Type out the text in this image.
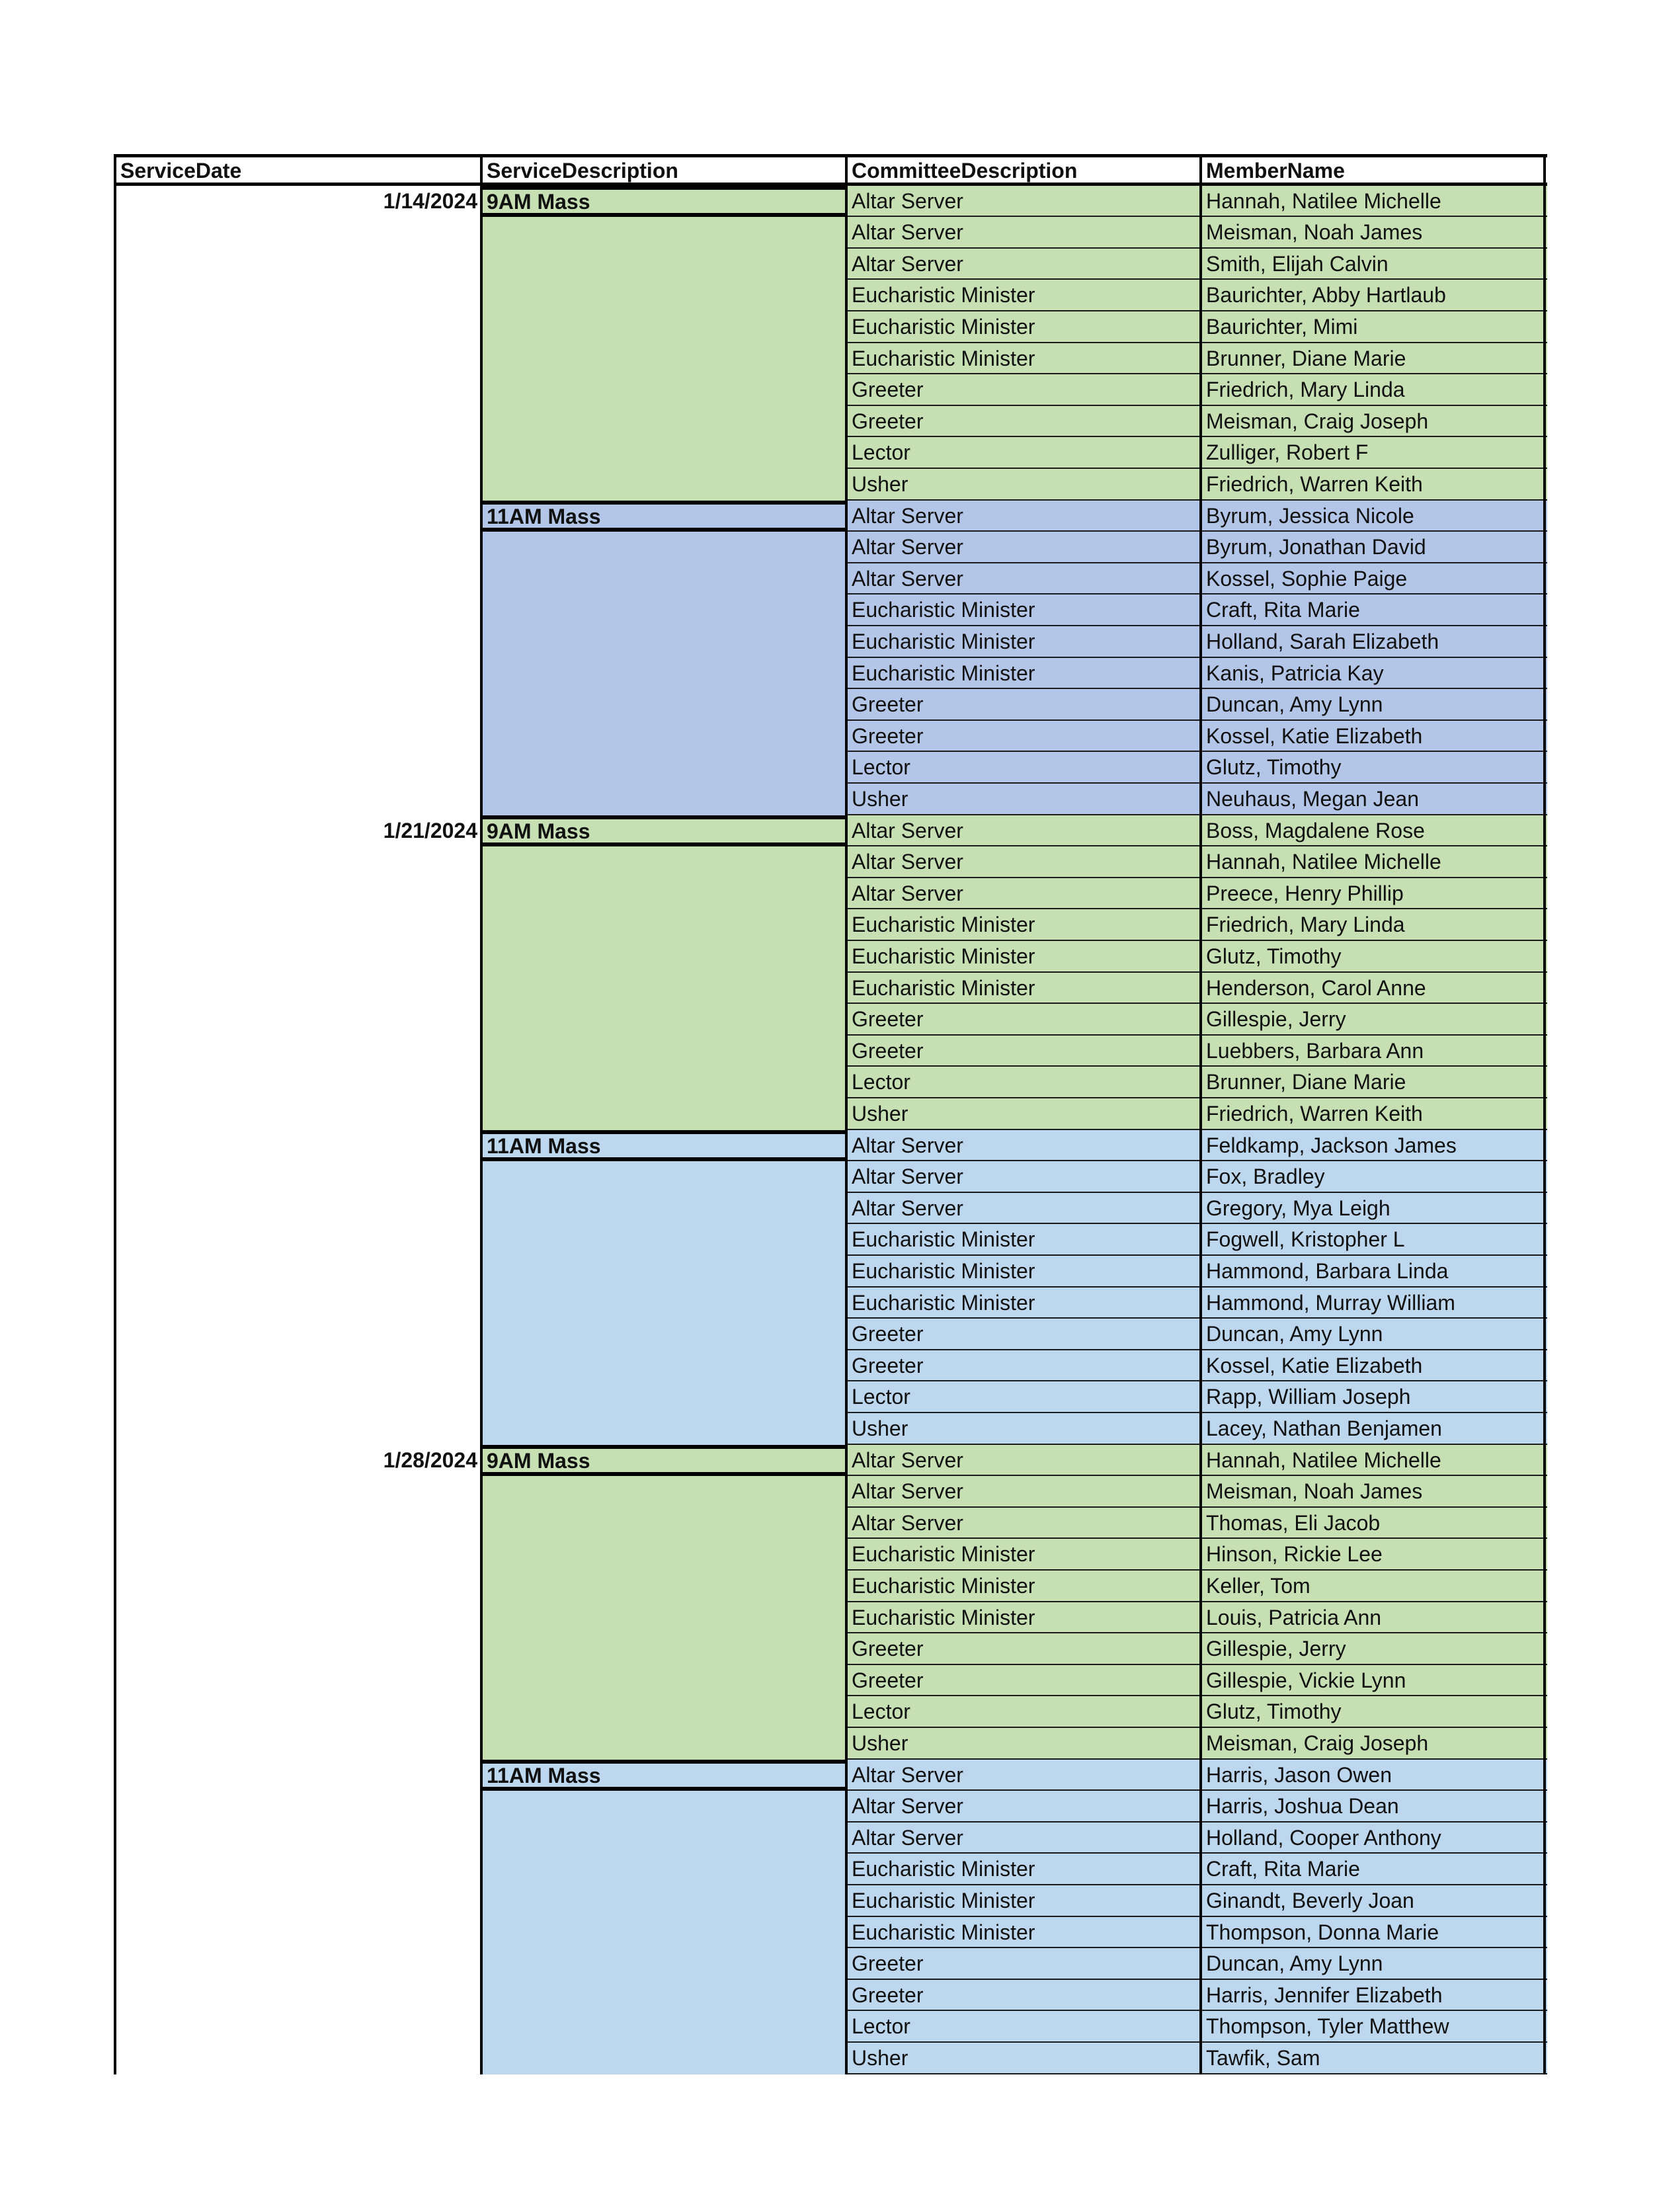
ServiceDate	ServiceDescription	CommitteeDescription	MemberName
1/14/2024 9AM Mass	Altar Server	Hannah, Natilee Michelle
Altar Server	Meisman, Noah James
Altar Server	Smith, Elijah Calvin
Eucharistic Minister	Baurichter, Abby Hartlaub
Eucharistic Minister	Baurichter, Mimi
Eucharistic Minister	Brunner, Diane Marie
Greeter	Friedrich, Mary Linda
Greeter	Meisman, Craig Joseph
Lector	Zulliger, Robert F
Usher	Friedrich, Warren Keith
11AM Mass	Altar Server	Byrum, Jessica Nicole
Altar Server	Byrum, Jonathan David
Altar Server	Kossel, Sophie Paige
Eucharistic Minister	Craft, Rita Marie
Eucharistic Minister	Holland, Sarah Elizabeth
Eucharistic Minister	Kanis, Patricia Kay
Greeter	Duncan, Amy Lynn
Greeter	Kossel, Katie Elizabeth
Lector	Glutz, Timothy
Usher	Neuhaus, Megan Jean
1/21/2024 9AM Mass	Altar Server	Boss, Magdalene Rose
Altar Server	Hannah, Natilee Michelle
Altar Server	Preece, Henry Phillip
Eucharistic Minister	Friedrich, Mary Linda
Eucharistic Minister	Glutz, Timothy
Eucharistic Minister	Henderson, Carol Anne
Greeter	Gillespie, Jerry
Greeter	Luebbers, Barbara Ann
Lector	Brunner, Diane Marie
Usher	Friedrich, Warren Keith
11AM Mass	Altar Server	Feldkamp, Jackson James
Altar Server	Fox, Bradley
Altar Server	Gregory, Mya Leigh
Eucharistic Minister	Fogwell, Kristopher L
Eucharistic Minister	Hammond, Barbara Linda
Eucharistic Minister	Hammond, Murray William
Greeter	Duncan, Amy Lynn
Greeter	Kossel, Katie Elizabeth
Lector	Rapp, William Joseph
Usher	Lacey, Nathan Benjamen
1/28/2024 9AM Mass	Altar Server	Hannah, Natilee Michelle
Altar Server	Meisman, Noah James
Altar Server	Thomas, Eli Jacob
Eucharistic Minister	Hinson, Rickie Lee
Eucharistic Minister	Keller, Tom
Eucharistic Minister	Louis, Patricia Ann
Greeter	Gillespie, Jerry
Greeter	Gillespie, Vickie Lynn
Lector	Glutz, Timothy
Usher	Meisman, Craig Joseph
11AM Mass	Altar Server	Harris, Jason Owen
Altar Server	Harris, Joshua Dean
Altar Server	Holland, Cooper Anthony
Eucharistic Minister	Craft, Rita Marie
Eucharistic Minister	Ginandt, Beverly Joan
Eucharistic Minister	Thompson, Donna Marie
Greeter	Duncan, Amy Lynn
Greeter	Harris, Jennifer Elizabeth
Lector	Thompson, Tyler Matthew
Usher	Tawfik, Sam
